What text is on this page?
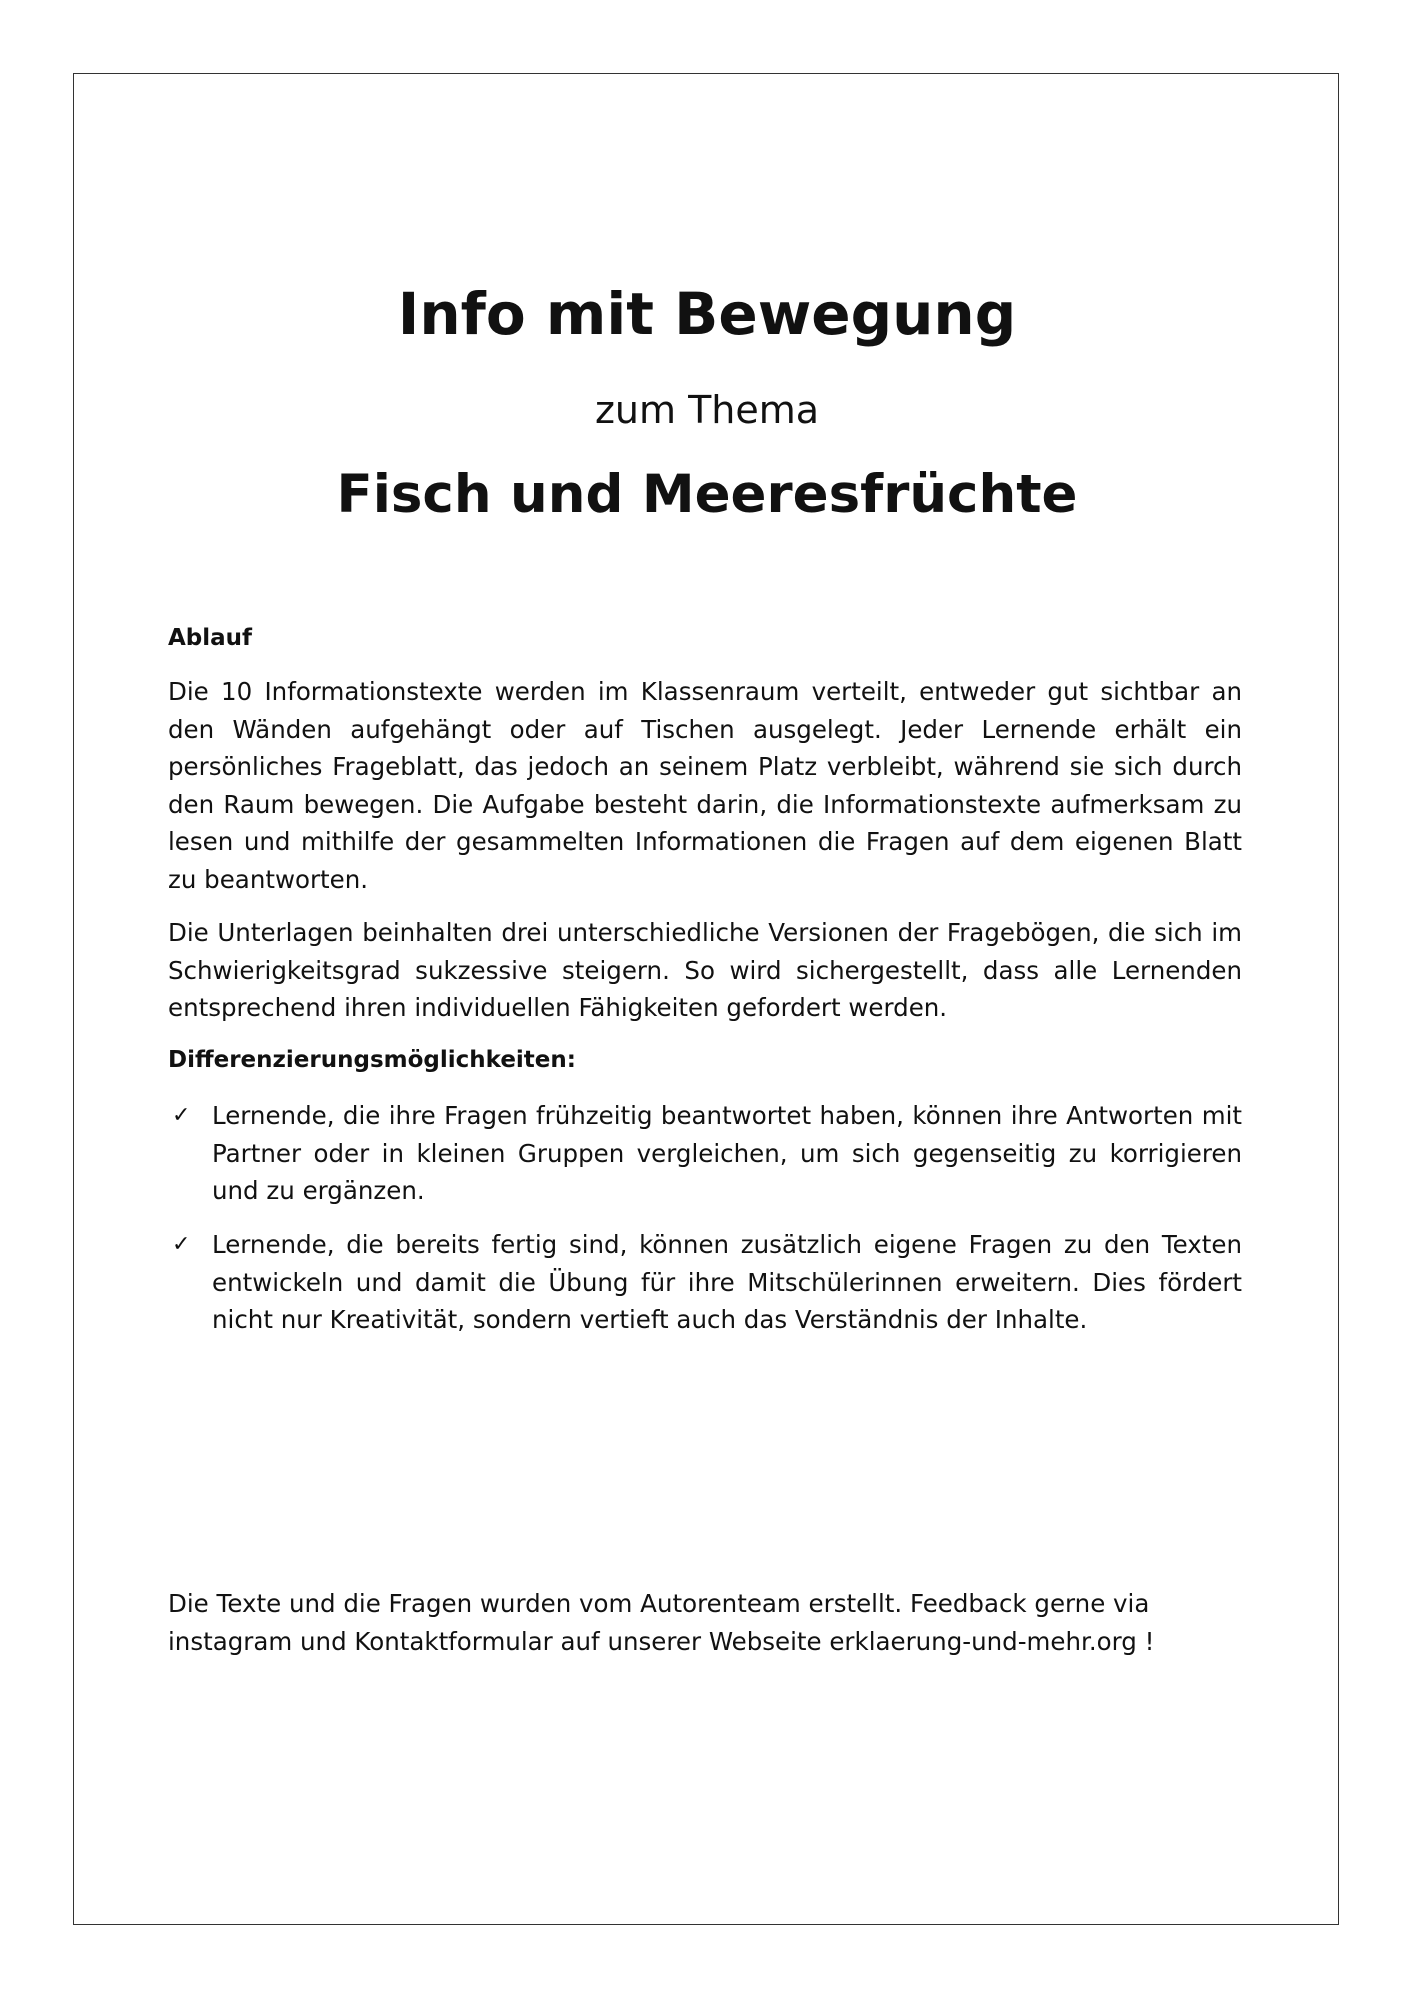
Info mit Bewegung
zum Thema
Fisch und Meeresfrüchte
Ablauf

Die 10 Informationstexte werden im Klassenraum verteilt, entweder gut sichtbar an den Wänden aufgehängt oder auf Tischen ausgelegt. Jeder Lernende erhält ein persönliches Frageblatt, das jedoch an seinem Platz verbleibt, während sie sich durch den Raum bewegen. Die Aufgabe besteht darin, die Informationstexte aufmerksam zu lesen und mithilfe der gesammelten Informationen die Fragen auf dem eigenen Blatt zu beantworten.

Die Unterlagen beinhalten drei unterschiedliche Versionen der Fragebögen, die sich im Schwierigkeitsgrad sukzessive steigern. So wird sichergestellt, dass alle Lernenden entsprechend ihren individuellen Fähigkeiten gefordert werden.

Differenzierungsmöglichkeiten:
✓ Lernende, die ihre Fragen frühzeitig beantwortet haben, können ihre Antworten mit Partner oder in kleinen Gruppen vergleichen, um sich gegenseitig zu korrigieren und zu ergänzen.
✓ Lernende, die bereits fertig sind, können zusätzlich eigene Fragen zu den Texten entwickeln und damit die Übung für ihre Mitschülerinnen erweitern. Dies fördert nicht nur Kreativität, sondern vertieft auch das Verständnis der Inhalte.

Die Texte und die Fragen wurden vom Autorenteam erstellt. Feedback gerne via

instagram und Kontaktformular auf unserer Webseite erklaerung-und-mehr.org !
